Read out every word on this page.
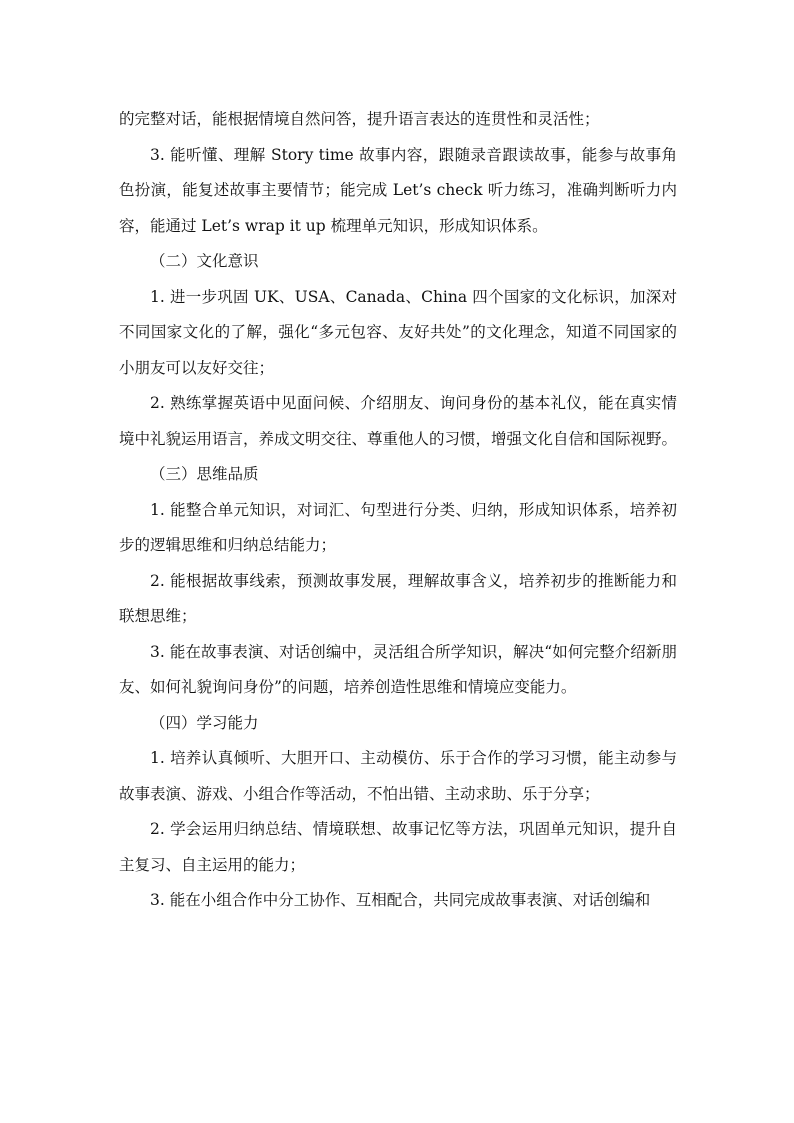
的完整对话，能根据情境自然问答，提升语言表达的连贯性和灵活性；

3. 能听懂、理解 Story time 故事内容，跟随录音跟读故事，能参与故事角色扮演，能复述故事主要情节；能完成 Let’s check 听力练习，准确判断听力内容，能通过 Let’s wrap it up 梳理单元知识，形成知识体系。

（二）文化意识

1. 进一步巩固 UK、USA、Canada、China 四个国家的文化标识，加深对不同国家文化的了解，强化“多元包容、友好共处”的文化理念，知道不同国家的小朋友可以友好交往；

2. 熟练掌握英语中见面问候、介绍朋友、询问身份的基本礼仪，能在真实情境中礼貌运用语言，养成文明交往、尊重他人的习惯，增强文化自信和国际视野。

（三）思维品质

1. 能整合单元知识，对词汇、句型进行分类、归纳，形成知识体系，培养初步的逻辑思维和归纳总结能力；

2. 能根据故事线索，预测故事发展，理解故事含义，培养初步的推断能力和联想思维；

3. 能在故事表演、对话创编中，灵活组合所学知识，解决“如何完整介绍新朋友、如何礼貌询问身份”的问题，培养创造性思维和情境应变能力。

（四）学习能力

1. 培养认真倾听、大胆开口、主动模仿、乐于合作的学习习惯，能主动参与故事表演、游戏、小组合作等活动，不怕出错、主动求助、乐于分享；

2. 学会运用归纳总结、情境联想、故事记忆等方法，巩固单元知识，提升自主复习、自主运用的能力；

3. 能在小组合作中分工协作、互相配合，共同完成故事表演、对话创编和
